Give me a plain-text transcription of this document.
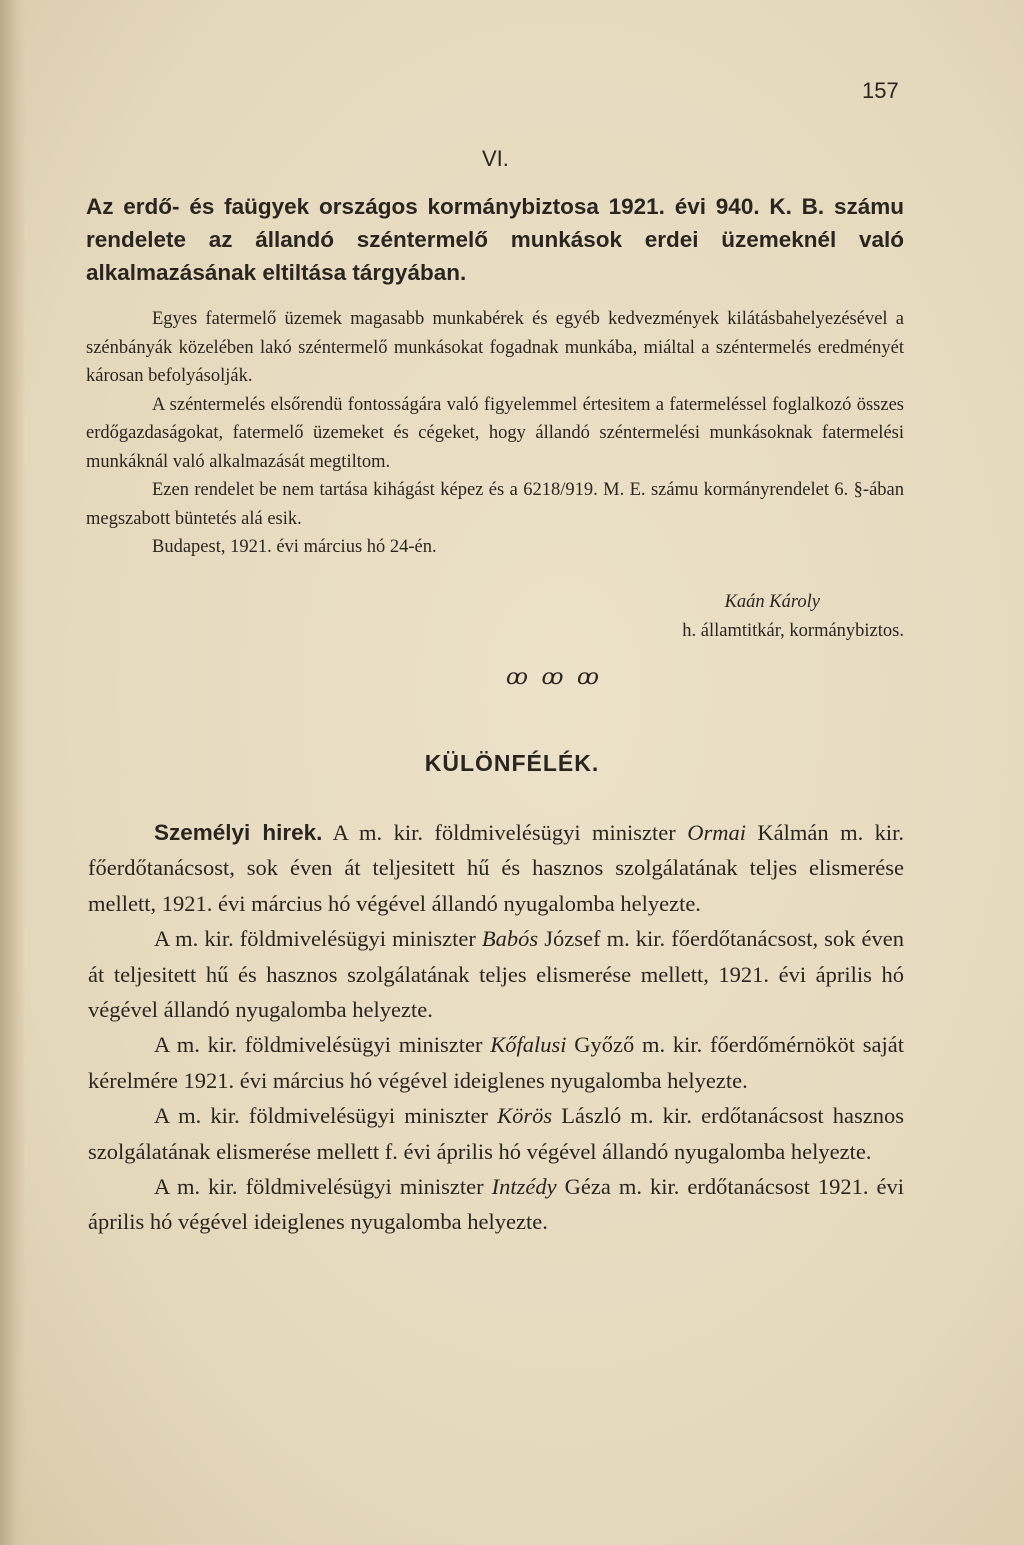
157
VI.
Az erdő- és faügyek országos kormánybiztosa 1921. évi 940. K. B. számu rendelete az állandó széntermelő munkások erdei üzemeknél való alkalmazásának eltiltása tárgyában.

Egyes fatermelő üzemek magasabb munkabérek és egyéb kedvezmények kilátásbahelyezésével a szénbányák közelében lakó széntermelő munkásokat fogadnak munkába, miáltal a széntermelés eredményét károsan befolyásolják.

A széntermelés elsőrendü fontosságára való figyelemmel értesitem a fatermeléssel foglalkozó összes erdőgazdaságokat, fatermelő üzemeket és cégeket, hogy állandó széntermelési munkásoknak fatermelési munkáknál való alkalmazását megtiltom.

Ezen rendelet be nem tartása kihágást képez és a 6218/919. M. E. számu kormányrendelet 6. §-ában megszabott büntetés alá esik.

Budapest, 1921. évi március hó 24-én.

Kaán Károly
h. államtitkár, kormánybiztos.
ꝏ ꝏ ꝏ
KÜLÖNFÉLÉK.

Személyi hirek. A m. kir. földmivelésügyi miniszter Ormai Kálmán m. kir. főerdőtanácsost, sok éven át teljesitett hű és hasznos szolgálatának teljes elismerése mellett, 1921. évi március hó végével állandó nyugalomba helyezte.

A m. kir. földmivelésügyi miniszter Babós József m. kir. főerdőtanácsost, sok éven át teljesitett hű és hasznos szolgálatának teljes elismerése mellett, 1921. évi április hó végével állandó nyugalomba helyezte.

A m. kir. földmivelésügyi miniszter Kőfalusi Győző m. kir. főerdőmérnököt saját kérelmére 1921. évi március hó végével ideiglenes nyugalomba helyezte.

A m. kir. földmivelésügyi miniszter Körös László m. kir. erdőtanácsost hasznos szolgálatának elismerése mellett f. évi április hó végével állandó nyugalomba helyezte.

A m. kir. földmivelésügyi miniszter Intzédy Géza m. kir. erdőtanácsost 1921. évi április hó végével ideiglenes nyugalomba helyezte.
